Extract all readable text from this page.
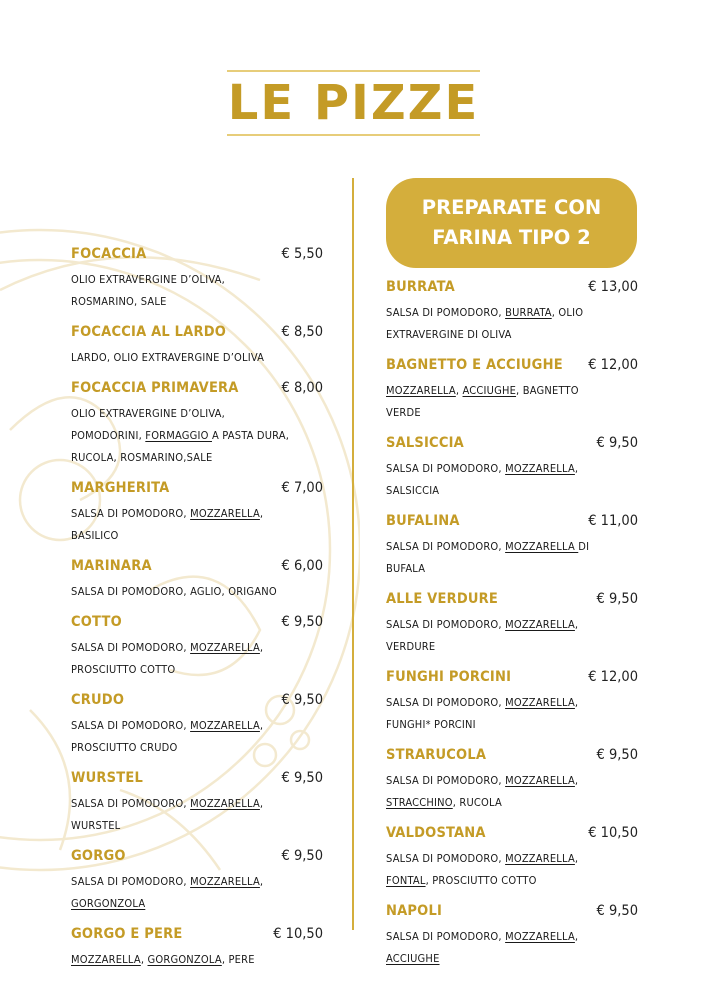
LE PIZZE
PREPARATE CON
FARINA TIPO 2
FOCACCIA	€ 5,50
OLIO EXTRAVERGINE D’OLIVA,
ROSMARINO, SALE
FOCACCIA AL LARDO	€ 8,50
LARDO, OLIO EXTRAVERGINE D’OLIVA
FOCACCIA PRIMAVERA	€ 8,00
OLIO EXTRAVERGINE D’OLIVA,
POMODORINI, FORMAGGIO A PASTA DURA,
RUCOLA, ROSMARINO,SALE
MARGHERITA	€ 7,00
SALSA DI POMODORO, MOZZARELLA,
BASILICO
MARINARA	€ 6,00
SALSA DI POMODORO, AGLIO, ORIGANO
COTTO	€ 9,50
SALSA DI POMODORO, MOZZARELLA,
PROSCIUTTO COTTO
CRUDO	€ 9,50
SALSA DI POMODORO, MOZZARELLA,
PROSCIUTTO CRUDO
WURSTEL	€ 9,50
SALSA DI POMODORO, MOZZARELLA,
WURSTEL
GORGO	€ 9,50
SALSA DI POMODORO, MOZZARELLA,
GORGONZOLA
GORGO E PERE	€ 10,50
MOZZARELLA, GORGONZOLA, PERE
BURRATA	€ 13,00
SALSA DI POMODORO, BURRATA, OLIO
EXTRAVERGINE DI OLIVA
BAGNETTO E ACCIUGHE € 12,00
MOZZARELLA, ACCIUGHE, BAGNETTO
VERDE
SALSICCIA	€ 9,50
SALSA DI POMODORO, MOZZARELLA,
SALSICCIA
BUFALINA	€ 11,00
SALSA DI POMODORO, MOZZARELLA DI
BUFALA
ALLE VERDURE	€ 9,50
SALSA DI POMODORO, MOZZARELLA,
VERDURE
FUNGHI PORCINI	€ 12,00
SALSA DI POMODORO, MOZZARELLA,
FUNGHI* PORCINI
STRARUCOLA	€ 9,50
SALSA DI POMODORO, MOZZARELLA,
STRACCHINO, RUCOLA
VALDOSTANA	€ 10,50
SALSA DI POMODORO, MOZZARELLA,
FONTAL, PROSCIUTTO COTTO
NAPOLI	€ 9,50
SALSA DI POMODORO, MOZZARELLA,
ACCIUGHE
